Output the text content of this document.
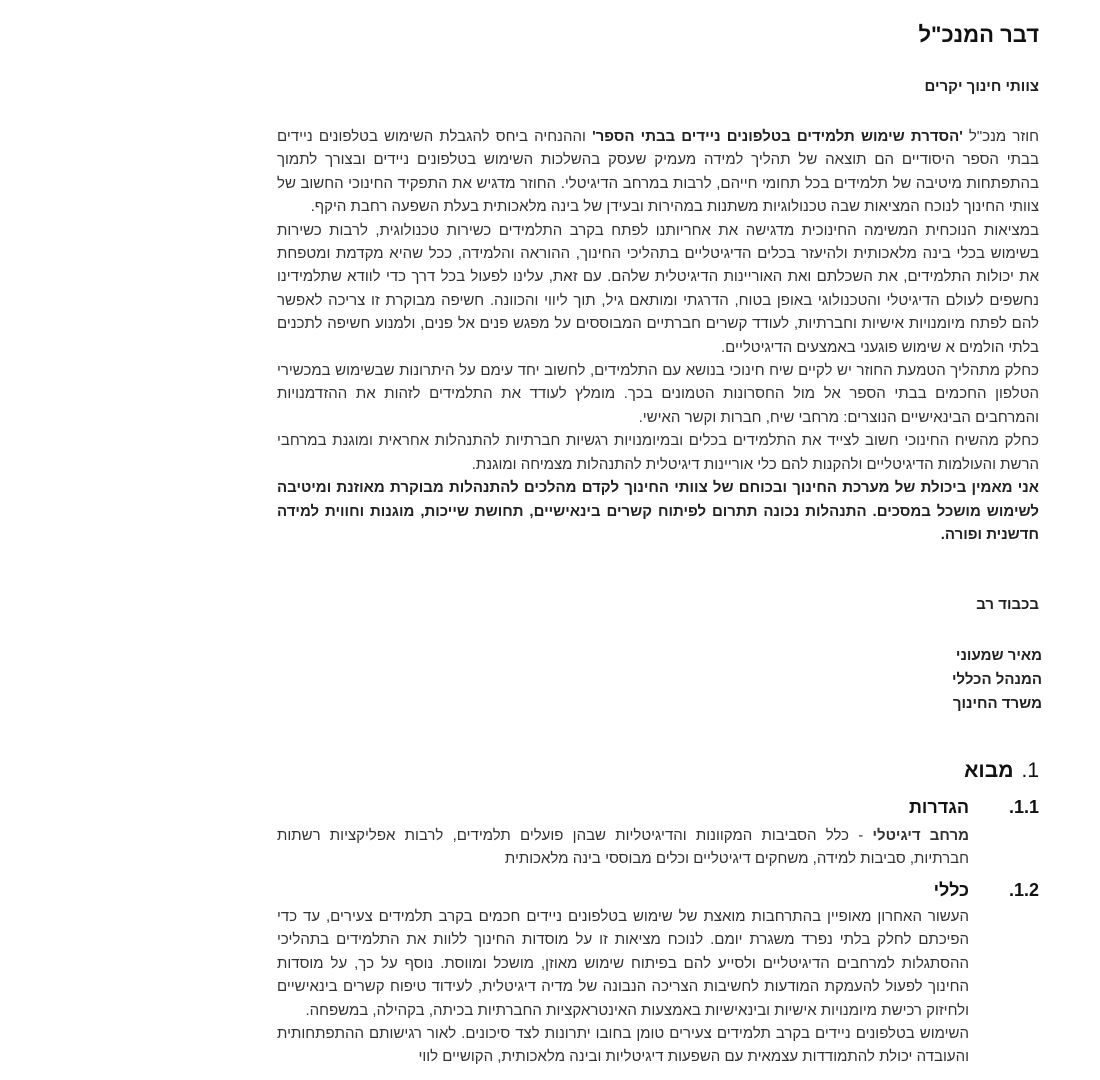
דבר המנכ"ל
צוותי חינוך יקרים

חוזר מנכ"ל 'הסדרת שימוש תלמידים בטלפונים ניידים בבתי הספר' וההנחיה ביחס להגבלת השימוש בטלפונים ניידים בבתי הספר היסודיים הם תוצאה של תהליך למידה מעמיק שעסק בהשלכות השימוש בטלפונים ניידים ובצורך לתמוך בהתפתחות מיטיבה של תלמידים בכל תחומי חייהם, לרבות במרחב הדיגיטלי. החוזר מדגיש את התפקיד החינוכי החשוב של צוותי החינוך לנוכח המציאות שבה טכנולוגיות משתנות במהירות ובעידן של בינה מלאכותית בעלת השפעה רחבת היקף.

במציאות הנוכחית המשימה החינוכית מדגישה את אחריותנו לפתח בקרב התלמידים כשירות טכנולוגית, לרבות כשירות בשימוש בכלי בינה מלאכותית ולהיעזר בכלים הדיגיטליים בתהליכי החינוך, ההוראה והלמידה, ככל שהיא מקדמת ומטפחת את יכולות התלמידים, את השכלתם ואת האוריינות הדיגיטלית שלהם. עם זאת, עלינו לפעול בכל דרך כדי לוודא שתלמידינו נחשפים לעולם הדיגיטלי והטכנולוגי באופן בטוח, הדרגתי ומותאם גיל, תוך ליווי והכוונה. חשיפה מבוקרת זו צריכה לאפשר להם לפתח מיומנויות אישיות וחברתיות, לעודד קשרים חברתיים המבוססים על מפגש פנים אל פנים, ולמנוע חשיפה לתכנים בלתי הולמים א שימוש פוגעני באמצעים הדיגיטליים.

כחלק מתהליך הטמעת החוזר יש לקיים שיח חינוכי בנושא עם התלמידים, לחשוב יחד עימם על היתרונות שבשימוש במכשירי הטלפון החכמים בבתי הספר אל מול החסרונות הטמונים בכך. מומלץ לעודד את התלמידים לזהות את ההזדמנויות והמרחבים הבינאישיים הנוצרים: מרחבי שיח, חברות וקשר האישי.

כחלק מהשיח החינוכי חשוב לצייד את התלמידים בכלים ובמיומנויות רגשיות חברתיות להתנהלות אחראית ומוגנת במרחבי הרשת והעולמות הדיגיטליים ולהקנות להם כלי אוריינות דיגיטלית להתנהלות מצמיחה ומוגנת.

אני מאמין ביכולת של מערכת החינוך ובכוחם של צוותי החינוך לקדם מהלכים להתנהלות מבוקרת מאוזנת ומיטיבה לשימוש מושכל במסכים. התנהלות נכונה תתרום לפיתוח קשרים בינאישיים, תחושת שייכות, מוגנות וחווית למידה חדשנית ופורה.

בכבוד רב
מאיר שמעוני
המנהל הכללי
משרד החינוך
1.
מבוא
1.1.
הגדרות

מרחב דיגיטלי - כלל הסביבות המקוונות והדיגיטליות שבהן פועלים תלמידים, לרבות אפליקציות רשתות חברתיות, סביבות למידה, משחקים דיגיטליים וכלים מבוססי בינה מלאכותית

1.2.
כללי

העשור האחרון מאופיין בהתרחבות מואצת של שימוש בטלפונים ניידים חכמים בקרב תלמידים צעירים, עד כדי הפיכתם לחלק בלתי נפרד משגרת יומם. לנוכח מציאות זו על מוסדות החינוך ללוות את התלמידים בתהליכי ההסתגלות למרחבים הדיגיטליים ולסייע להם בפיתוח שימוש מאוזן, מושכל ומווסת. נוסף על כך, על מוסדות החינוך לפעול להעמקת המודעות לחשיבות הצריכה הנבונה של מדיה דיגיטלית, לעידוד טיפוח קשרים בינאישיים ולחיזוק רכישת מיומנויות אישיות ובינאישיות באמצעות האינטראקציות החברתיות בכיתה, בקהילה, במשפחה.

השימוש בטלפונים ניידים בקרב תלמידים צעירים טומן בחובו יתרונות לצד סיכונים. לאור רגישותם ההתפתחותית והעובדה יכולת להתמודדות עצמאית עם השפעות דיגיטליות ובינה מלאכותית, הקושיים לווי
